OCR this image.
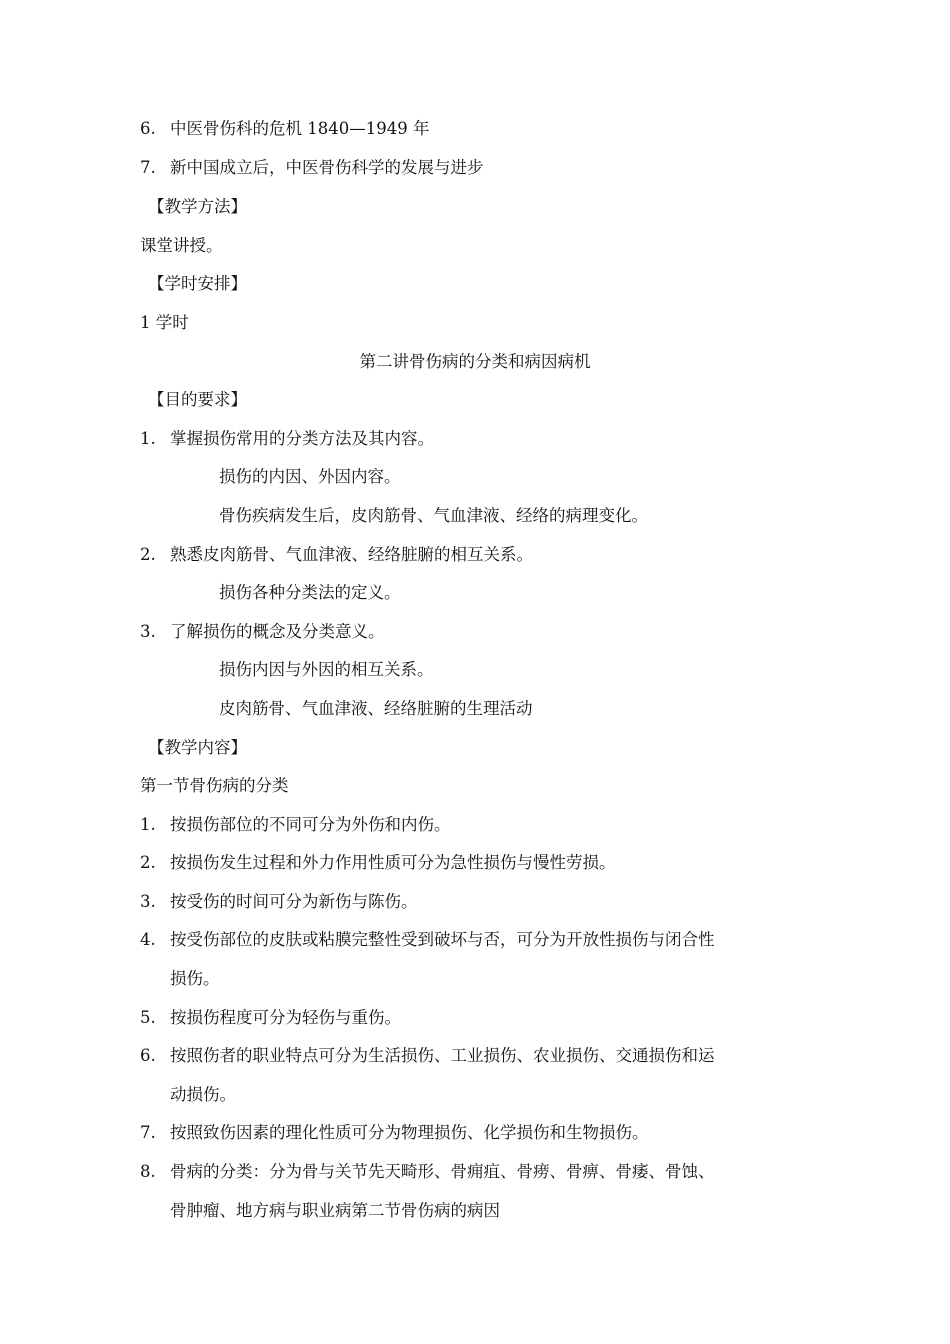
6. 中医骨伤科的危机 1840—1949 年
7. 新中国成立后，中医骨伤科学的发展与进步
【教学方法】
课堂讲授。
【学时安排】
1 学时
第二讲骨伤病的分类和病因病机
【目的要求】
1. 掌握损伤常用的分类方法及其内容。
损伤的内因、外因内容。
骨伤疾病发生后，皮肉筋骨、气血津液、经络的病理变化。
2. 熟悉皮肉筋骨、气血津液、经络脏腑的相互关系。
损伤各种分类法的定义。
3. 了解损伤的概念及分类意义。
损伤内因与外因的相互关系。
皮肉筋骨、气血津液、经络脏腑的生理活动
【教学内容】
第一节骨伤病的分类
1. 按损伤部位的不同可分为外伤和内伤。
2. 按损伤发生过程和外力作用性质可分为急性损伤与慢性劳损。
3. 按受伤的时间可分为新伤与陈伤。
4. 按受伤部位的皮肤或粘膜完整性受到破坏与否，可分为开放性损伤与闭合性
损伤。
5. 按损伤程度可分为轻伤与重伤。
6. 按照伤者的职业特点可分为生活损伤、工业损伤、农业损伤、交通损伤和运
动损伤。
7. 按照致伤因素的理化性质可分为物理损伤、化学损伤和生物损伤。
8. 骨病的分类：分为骨与关节先天畸形、骨痈疽、骨痨、骨痹、骨痿、骨蚀、
骨肿瘤、地方病与职业病第二节骨伤病的病因
